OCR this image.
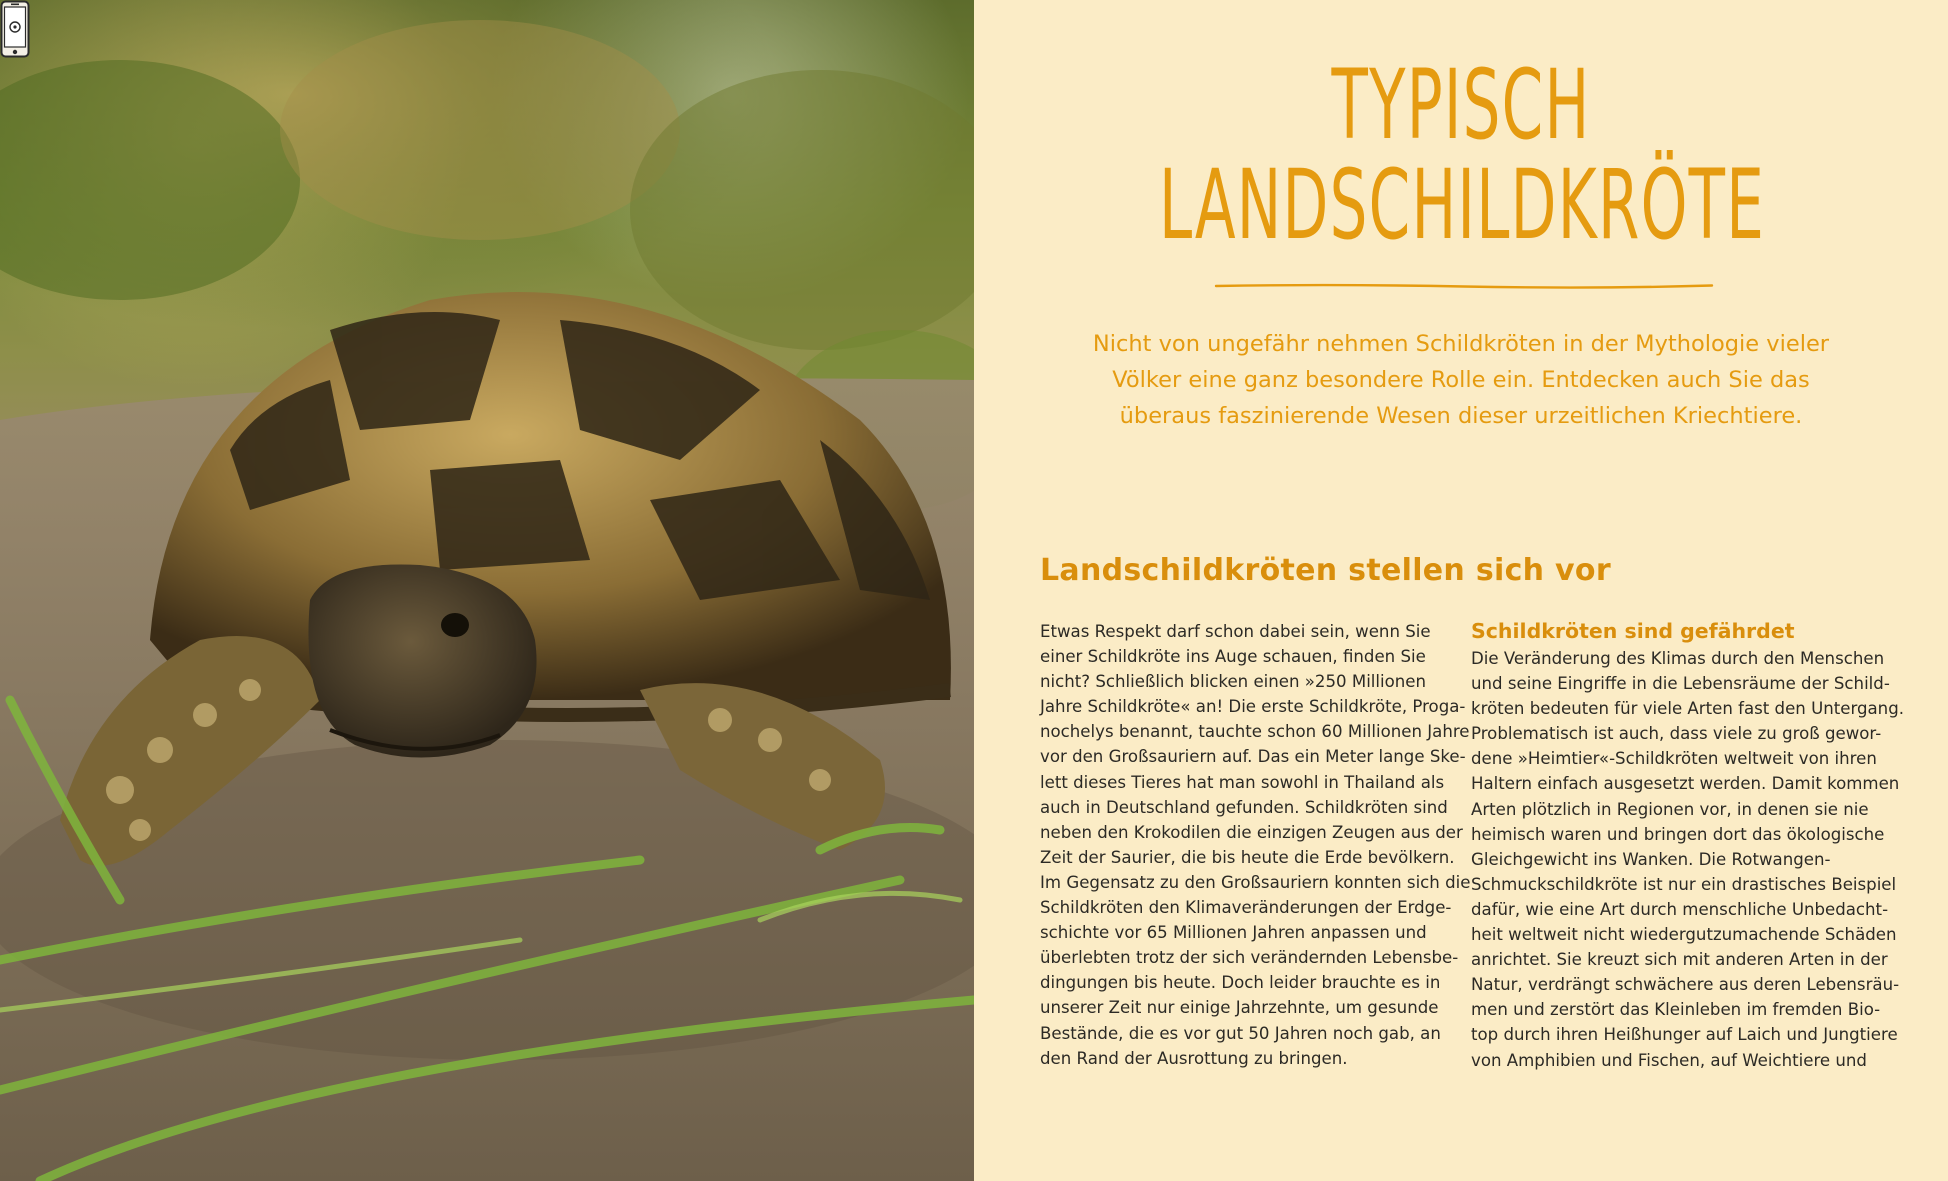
TYPISCH
LANDSCHILDKRÖTE
Nicht von ungefähr nehmen Schildkröten in der Mythologie vieler
Völker eine ganz besondere Rolle ein. Entdecken auch Sie das
überaus faszinierende Wesen dieser urzeitlichen Kriechtiere.
Landschildkröten stellen sich vor

Etwas Respekt darf schon dabei sein, wenn Sie

einer Schildkröte ins Auge schauen, finden Sie

nicht? Schließlich blicken einen »250 Millionen

Jahre Schildkröte« an! Die erste Schildkröte, Proga-

nochelys benannt, tauchte schon 60 Millionen Jahre

vor den Großsauriern auf. Das ein Meter lange Ske-

lett dieses Tieres hat man sowohl in Thailand als

auch in Deutschland gefunden. Schildkröten sind

neben den Krokodilen die einzigen Zeugen aus der

Zeit der Saurier, die bis heute die Erde bevölkern.

Im Gegensatz zu den Großsauriern konnten sich die

Schildkröten den Klimaveränderungen der Erdge-

schichte vor 65 Millionen Jahren anpassen und

überlebten trotz der sich verändernden Lebensbe-

dingungen bis heute. Doch leider brauchte es in

unserer Zeit nur einige Jahrzehnte, um gesunde

Bestände, die es vor gut 50 Jahren noch gab, an

den Rand der Ausrottung zu bringen.

Schildkröten sind gefährdet

Die Veränderung des Klimas durch den Menschen

und seine Eingriffe in die Lebensräume der Schild-

kröten bedeuten für viele Arten fast den Untergang.

Problematisch ist auch, dass viele zu groß gewor-

dene »Heimtier«-Schildkröten weltweit von ihren

Haltern einfach ausgesetzt werden. Damit kommen

Arten plötzlich in Regionen vor, in denen sie nie

heimisch waren und bringen dort das ökologische

Gleichgewicht ins Wanken. Die Rotwangen-

Schmuckschildkröte ist nur ein drastisches Beispiel

dafür, wie eine Art durch menschliche Unbedacht-

heit weltweit nicht wiedergutzumachende Schäden

anrichtet. Sie kreuzt sich mit anderen Arten in der

Natur, verdrängt schwächere aus deren Lebensräu-

men und zerstört das Kleinleben im fremden Bio-

top durch ihren Heißhunger auf Laich und Jungtiere

von Amphibien und Fischen, auf Weichtiere und
